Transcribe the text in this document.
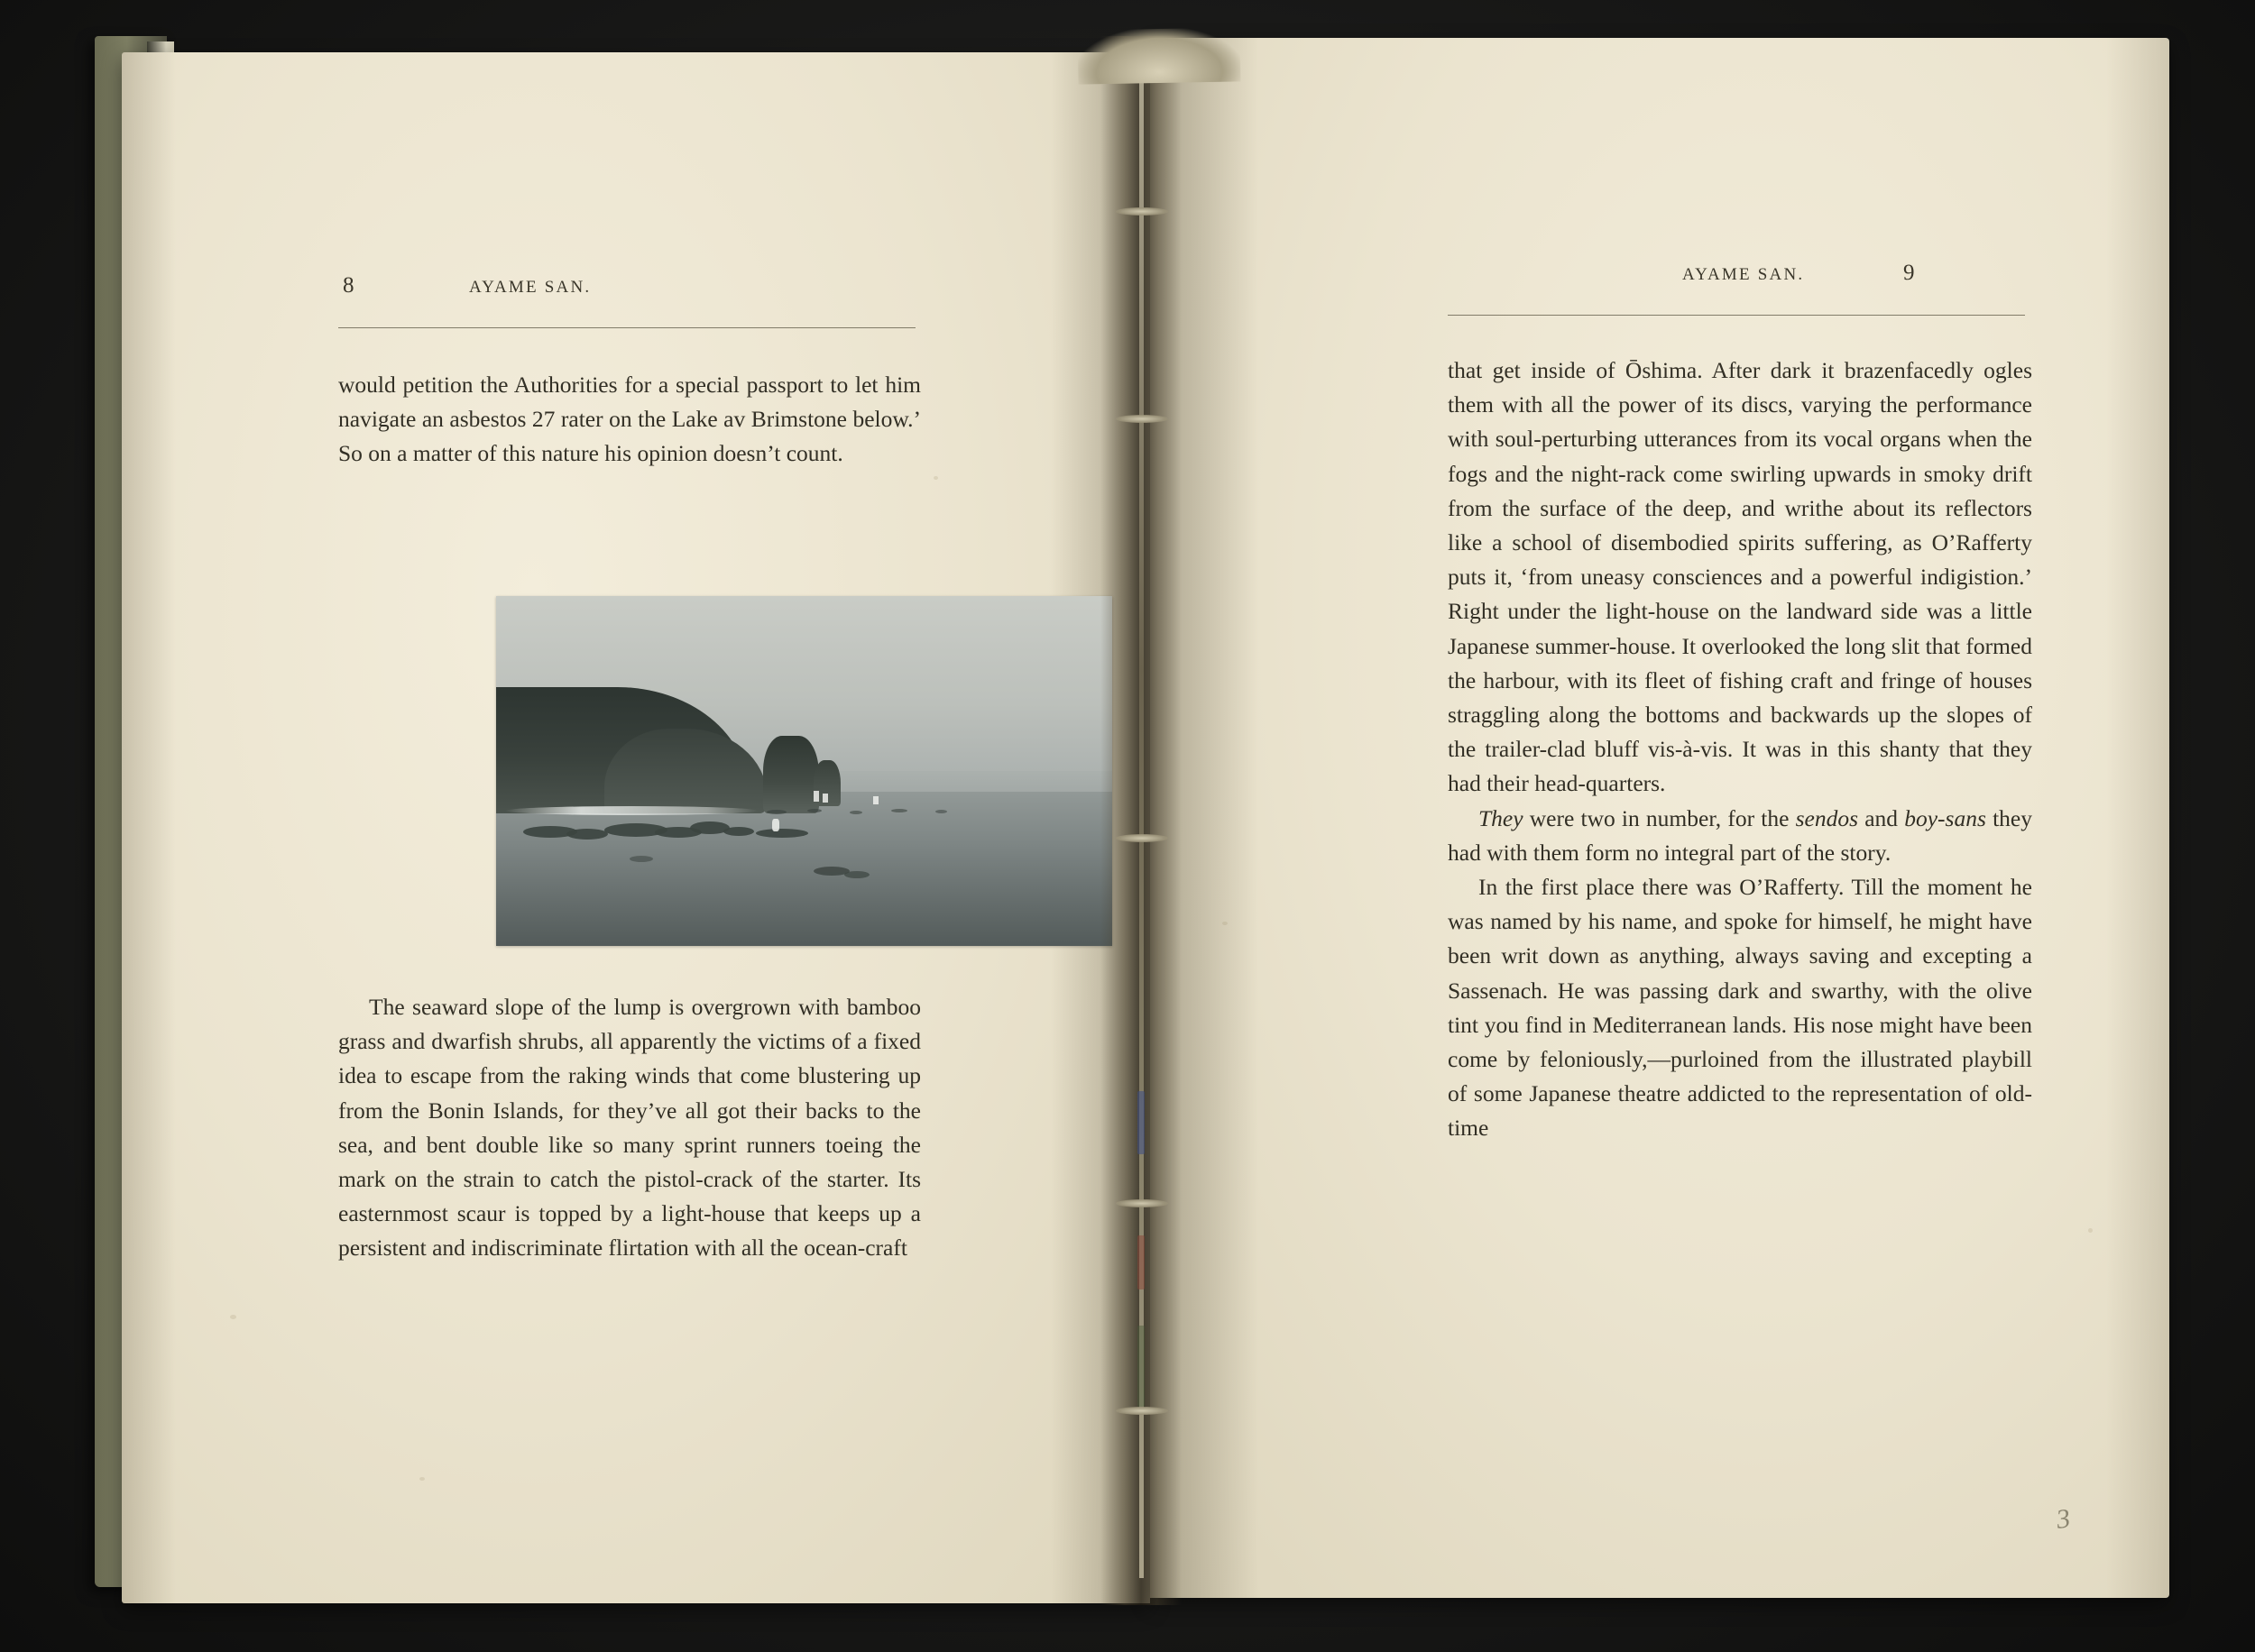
8	AYAME SAN.

would petition the Authorities for a special passport to let him navigate an asbestos 27 rater on the Lake av Brimstone below.’ So on a matter of this nature his opinion doesn’t count.

The seaward slope of the lump is overgrown with bamboo grass and dwarfish shrubs, all apparently the victims of a fixed idea to escape from the raking winds that come blustering up from the Bonin Islands, for they’ve all got their backs to the sea, and bent double like so many sprint runners toeing the mark on the strain to catch the pistol-crack of the starter. Its easternmost scaur is topped by a light-house that keeps up a persistent and indiscriminate flirtation with all the ocean-craft

AYAME SAN.	9

that get inside of Ōshima. After dark it brazenfacedly ogles them with all the power of its discs, varying the performance with soul-perturbing utterances from its vocal organs when the fogs and the night-rack come swirling upwards in smoky drift from the surface of the deep, and writhe about its reflectors like a school of disembodied spirits suffering, as O’Rafferty puts it, ‘from uneasy consciences and a powerful indigistion.’ Right under the light-house on the landward side was a little Japanese summer-house. It overlooked the long slit that formed the harbour, with its fleet of fishing craft and fringe of houses straggling along the bottoms and backwards up the slopes of the trailer-clad bluff vis-à-vis. It was in this shanty that they had their head-quarters.

They were two in number, for the sendos and boy-sans they had with them form no integral part of the story.

In the first place there was O’Rafferty. Till the moment he was named by his name, and spoke for himself, he might have been writ down as anything, always saving and excepting a Sassenach. He was passing dark and swarthy, with the olive tint you find in Mediterranean lands. His nose might have been come by feloniously,—purloined from the illustrated playbill of some Japanese theatre addicted to the representation of old-time

3
